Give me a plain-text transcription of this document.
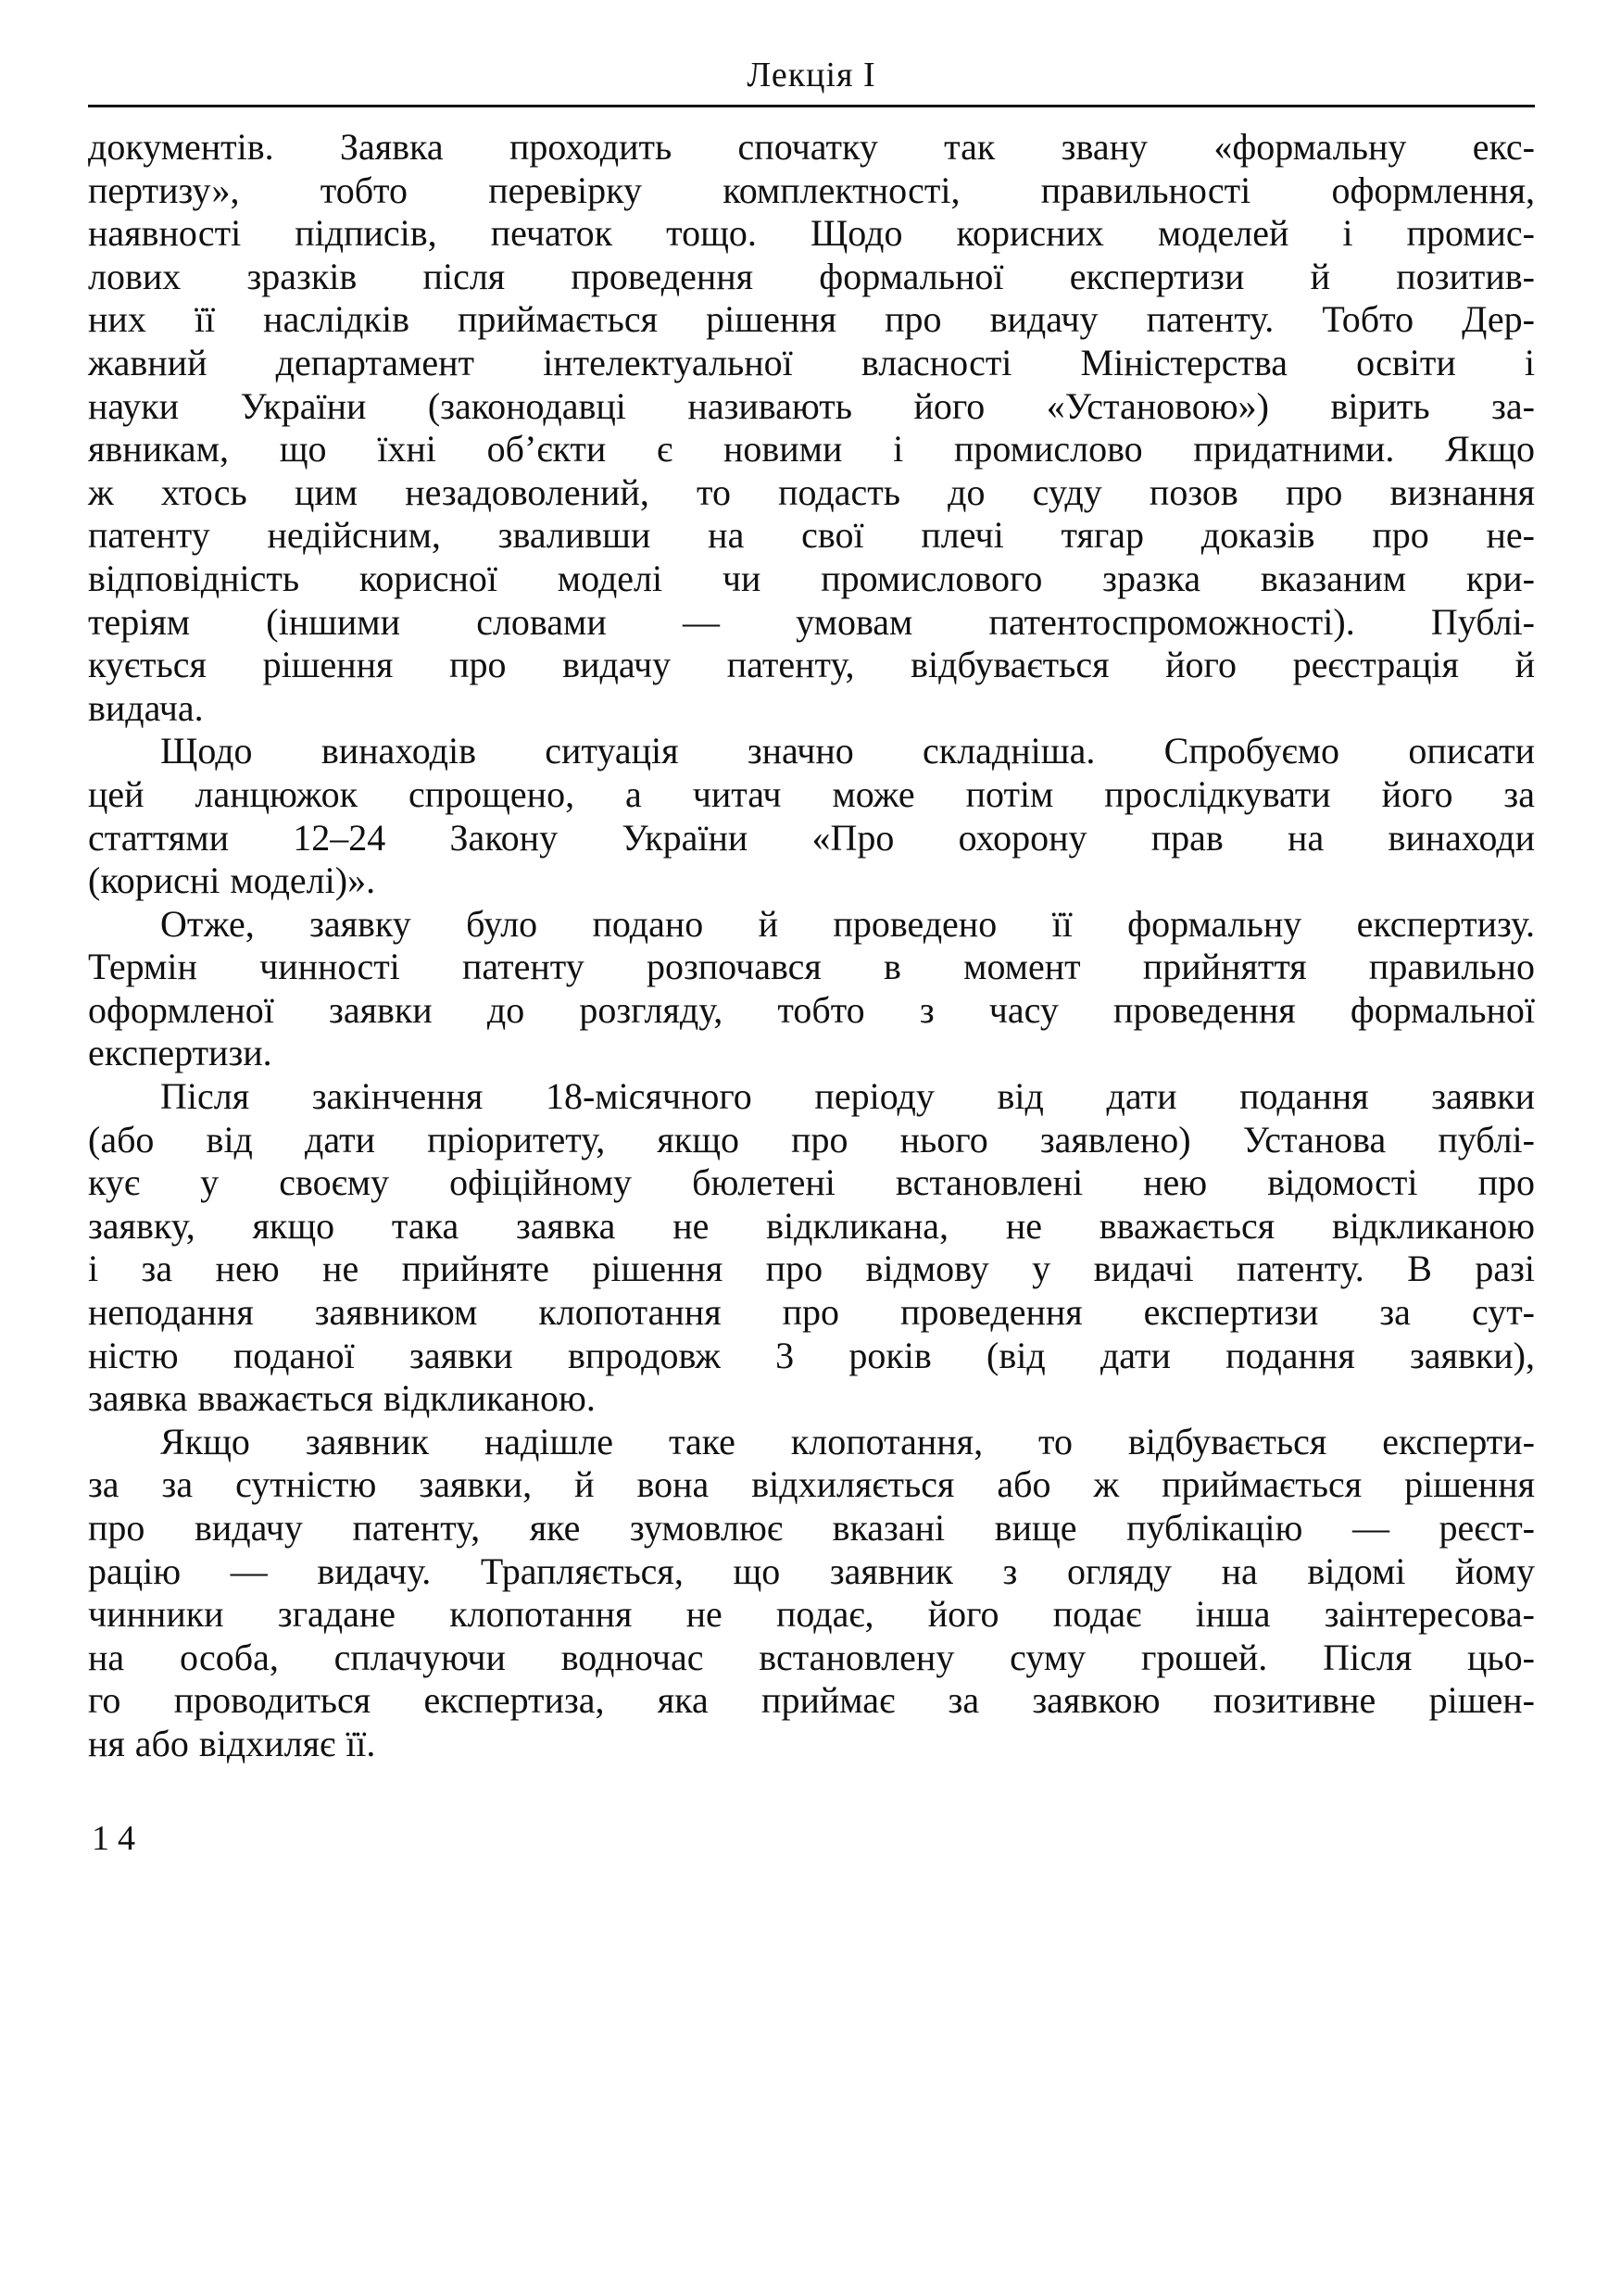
Лекція І
документів. Заявка проходить спочатку так звану «формальну екс-
пертизу», тобто перевірку комплектності, правильності оформлення,
наявності підписів, печаток тощо. Щодо корисних моделей і промис-
лових зразків після проведення формальної експертизи й позитив-
них її наслідків приймається рішення про видачу патенту. Тобто Дер-
жавний департамент інтелектуальної власності Міністерства освіти і
науки України (законодавці називають його «Установою») вірить за-
явникам, що їхні об’єкти є новими і промислово придатними. Якщо
ж хтось цим незадоволений, то подасть до суду позов про визнання
патенту недійсним, зваливши на свої плечі тягар доказів про не-
відповідність корисної моделі чи промислового зразка вказаним кри-
теріям (іншими словами — умовам патентоспроможності). Публі-
кується рішення про видачу патенту, відбувається його реєстрація й
видача.
Щодо винаходів ситуація значно складніша. Спробуємо описати
цей ланцюжок спрощено, а читач може потім прослідкувати його за
статтями 12–24 Закону України «Про охорону прав на винаходи
(корисні моделі)».
Отже, заявку було подано й проведено її формальну експертизу.
Термін чинності патенту розпочався в момент прийняття правильно
оформленої заявки до розгляду, тобто з часу проведення формальної
експертизи.
Після закінчення 18-місячного періоду від дати подання заявки
(або від дати пріоритету, якщо про нього заявлено) Установа публі-
кує у своєму офіційному бюлетені встановлені нею відомості про
заявку, якщо така заявка не відкликана, не вважається відкликаною
і за нею не прийняте рішення про відмову у видачі патенту. В разі
неподання заявником клопотання про проведення експертизи за сут-
ністю поданої заявки впродовж 3 років (від дати подання заявки),
заявка вважається відкликаною.
Якщо заявник надішле таке клопотання, то відбувається експерти-
за за сутністю заявки, й вона відхиляється або ж приймається рішення
про видачу патенту, яке зумовлює вказані вище публікацію — реєст-
рацію — видачу. Трапляється, що заявник з огляду на відомі йому
чинники згадане клопотання не подає, його подає інша заінтересова-
на особа, сплачуючи водночас встановлену суму грошей. Після цьо-
го проводиться експертиза, яка приймає за заявкою позитивне рішен-
ня або відхиляє її.
14
